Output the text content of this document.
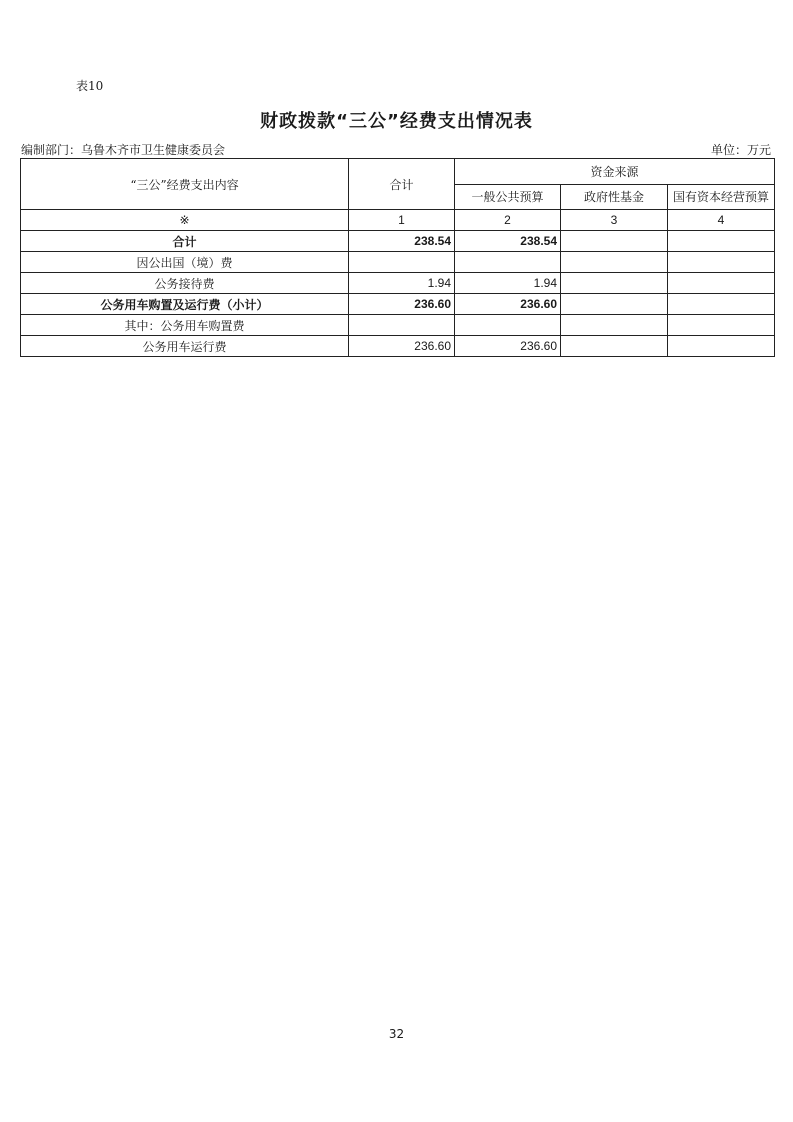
表10
财政拨款“三公”经费支出情况表
编制部门：乌鲁木齐市卫生健康委员会	单位：万元
“三公”经费支出内容	合计	资金来源		
		一般公共预算	政府性基金	国有资本经营预算
※	1	2	3	4
合计	238.54	238.54		
因公出国（境）费				
公务接待费	1.94	1.94		
公务用车购置及运行费（小计）	236.60	236.60		
其中：公务用车购置费				
公务用车运行费	236.60	236.60		
32
